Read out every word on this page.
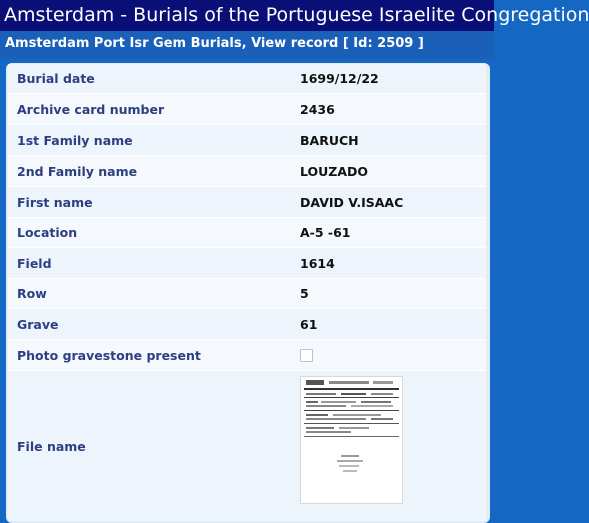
Amsterdam - Burials of the Portuguese Israelite Congregation
Amsterdam Port Isr Gem Burials, View record [ Id: 2509 ]
Burial date	1699/12/22
Archive card number	2436
1st Family name	BARUCH
2nd Family name	LOUZADO
First name	DAVID V.ISAAC
Location	A-5 -61
Field	1614
Row	5
Grave	61
Photo gravestone present
File name
